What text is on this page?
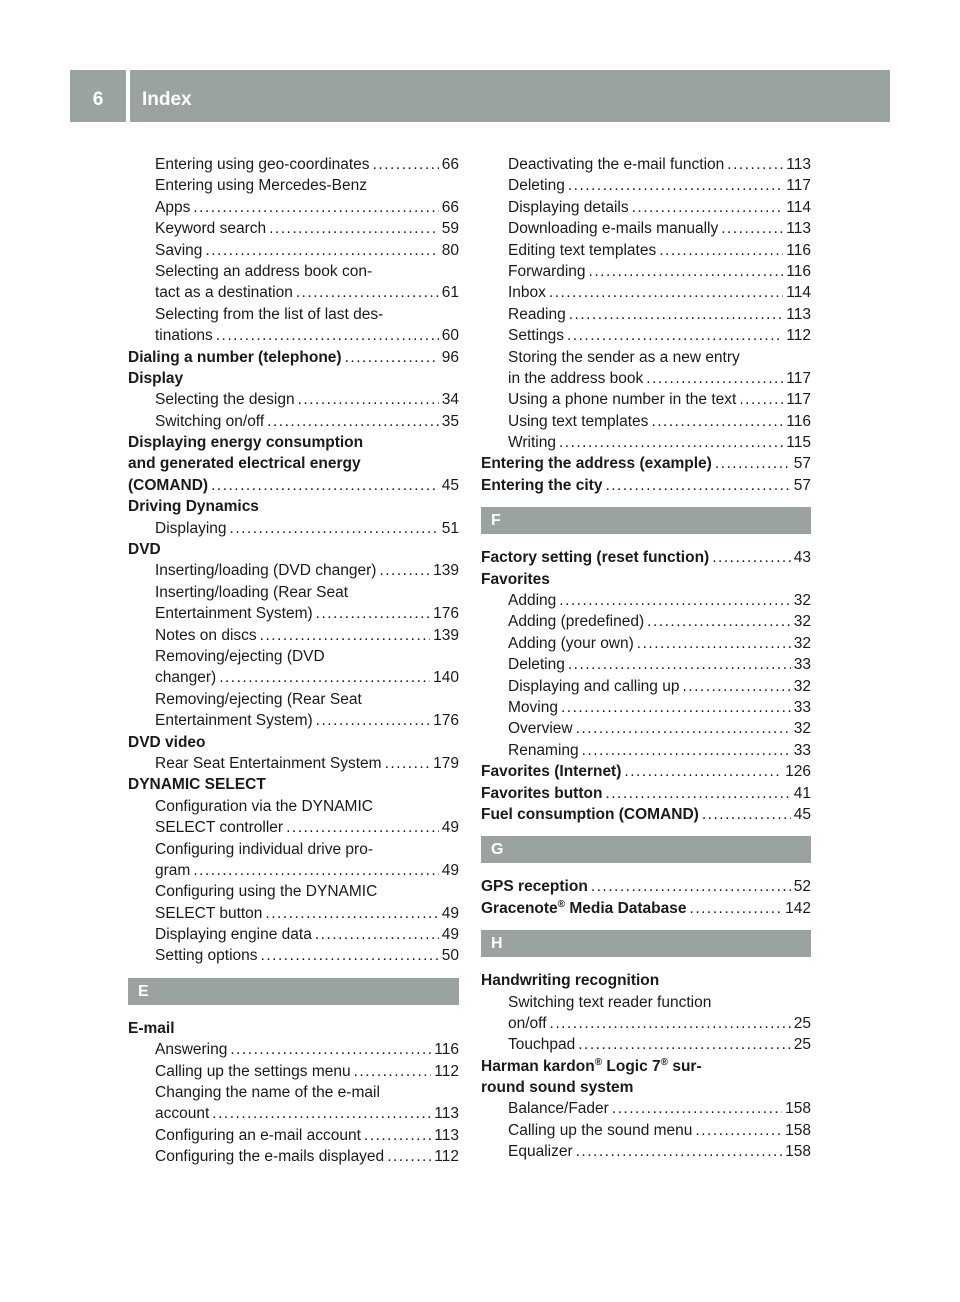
6	Index
Entering using geo-coordinates .....	66
Entering using Mercedes-Benz
Apps .....	66
Keyword search .....	59
Saving .....	80
Selecting an address book con-
tact as a destination .....	61
Selecting from the list of last des-
tinations .....	60
Dialing a number (telephone) .....	96
Display
Selecting the design .....	34
Switching on/off .....	35
Displaying energy consumption
and generated electrical energy
(COMAND) .....	45
Driving Dynamics
Displaying .....	51
DVD
Inserting/loading (DVD changer) .....	139
Inserting/loading (Rear Seat
Entertainment System) .....	176
Notes on discs .....	139
Removing/ejecting (DVD
changer) .....	140
Removing/ejecting (Rear Seat
Entertainment System) .....	176
DVD video
Rear Seat Entertainment System .....	179
DYNAMIC SELECT
Configuration via the DYNAMIC
SELECT controller .....	49
Configuring individual drive pro-
gram .....	49
Configuring using the DYNAMIC
SELECT button .....	49
Displaying engine data .....	49
Setting options .....	50
E
E-mail
Answering .....	116
Calling up the settings menu .....	112
Changing the name of the e-mail
account .....	113
Configuring an e-mail account .....	113
Configuring the e-mails displayed .....	112
Deactivating the e-mail function .....	113
Deleting .....	117
Displaying details .....	114
Downloading e-mails manually .....	113
Editing text templates .....	116
Forwarding .....	116
Inbox .....	114
Reading .....	113
Settings .....	112
Storing the sender as a new entry
in the address book .....	117
Using a phone number in the text .....	117
Using text templates .....	116
Writing .....	115
Entering the address (example) .....	57
Entering the city .....	57
F
Factory setting (reset function) .....	43
Favorites
Adding .....	32
Adding (predefined) .....	32
Adding (your own) .....	32
Deleting .....	33
Displaying and calling up .....	32
Moving .....	33
Overview .....	32
Renaming .....	33
Favorites (Internet) .....	126
Favorites button .....	41
Fuel consumption (COMAND) .....	45
G
GPS reception .....	52
Gracenote® Media Database .....	142
H
Handwriting recognition
Switching text reader function
on/off .....	25
Touchpad .....	25
Harman kardon® Logic 7® sur-
round sound system
Balance/Fader .....	158
Calling up the sound menu .....	158
Equalizer .....	158
